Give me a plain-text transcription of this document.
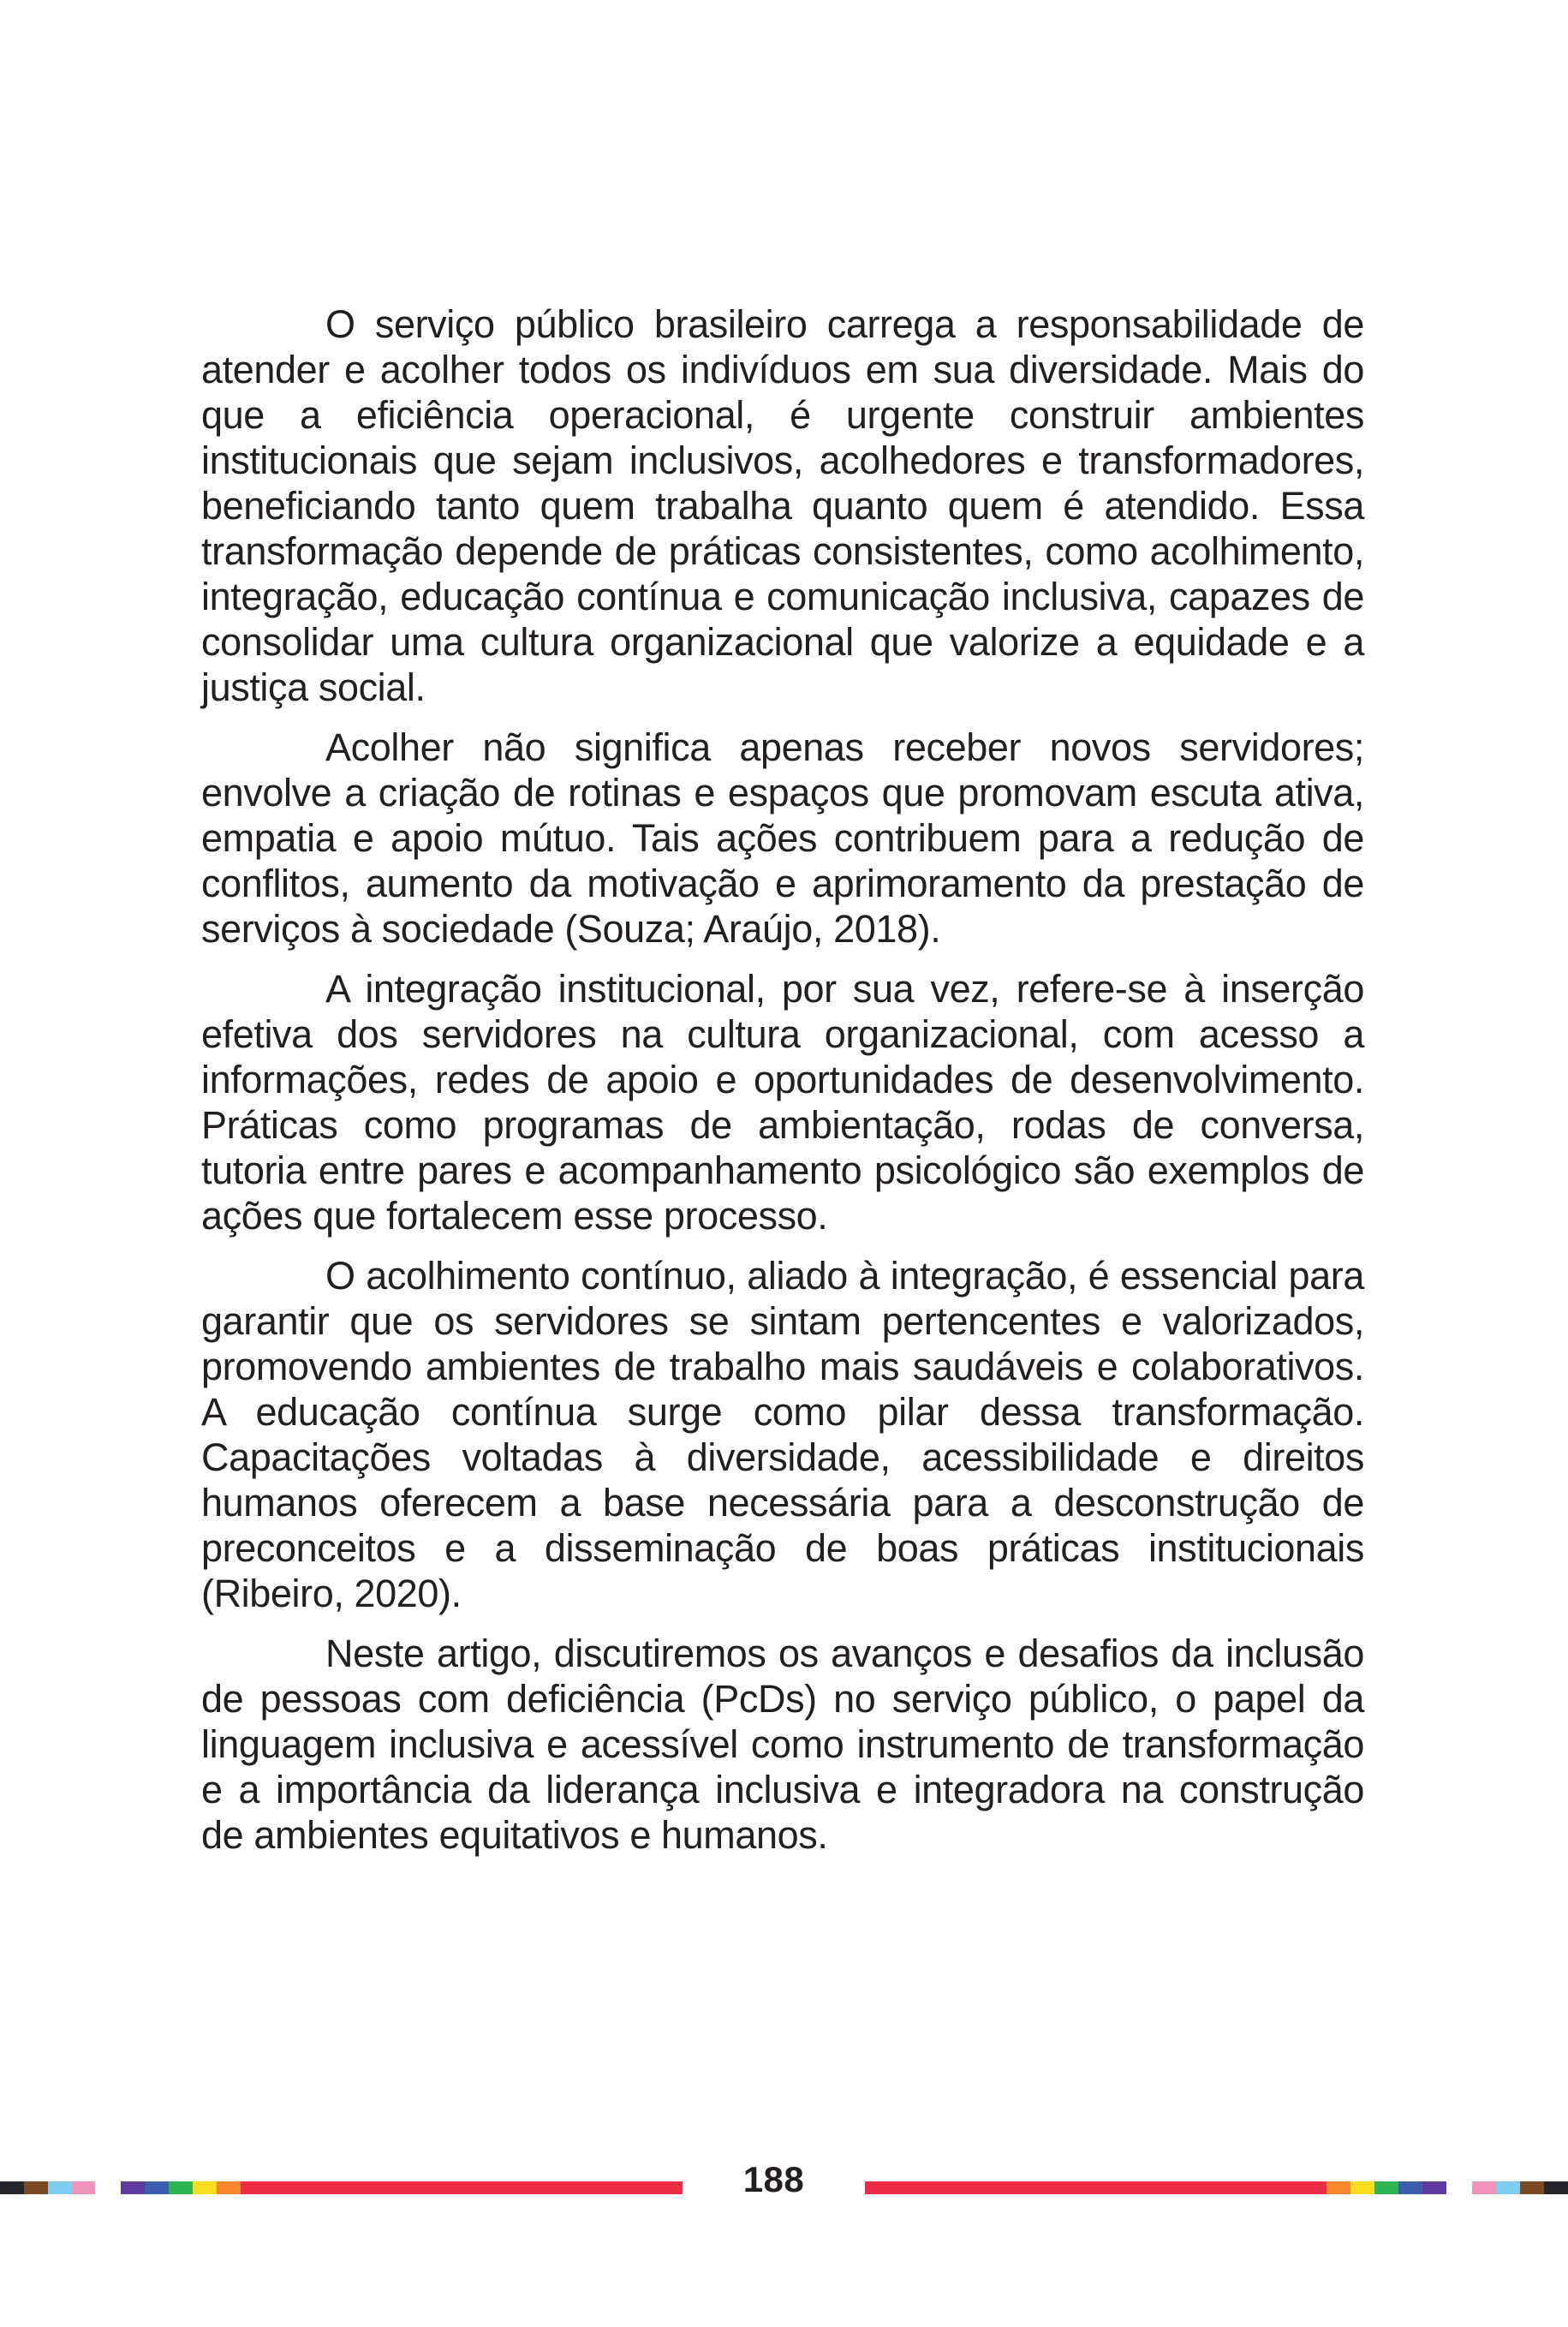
O serviço público brasileiro carrega a responsabilidade de atender e acolher todos os indivíduos em sua diversidade. Mais do que a eficiência operacional, é urgente construir ambientes institucionais que sejam inclusivos, acolhedores e transformadores, beneficiando tanto quem trabalha quanto quem é atendido. Essa transformação depende de práticas consistentes, como acolhimento, integração, educação contínua e comunicação inclusiva, capazes de consolidar uma cultura organizacional que valorize a equidade e a justiça social.

Acolher não significa apenas receber novos servidores; envolve a criação de rotinas e espaços que promovam escuta ativa, empatia e apoio mútuo. Tais ações contribuem para a redução de conflitos, aumento da motivação e aprimoramento da prestação de serviços à sociedade (Souza; Araújo, 2018).

A integração institucional, por sua vez, refere-se à inserção efetiva dos servidores na cultura organizacional, com acesso a informações, redes de apoio e oportunidades de desenvolvimento. Práticas como programas de ambientação, rodas de conversa, tutoria entre pares e acompanhamento psicológico são exemplos de ações que fortalecem esse processo.

O acolhimento contínuo, aliado à integração, é essencial para garantir que os servidores se sintam pertencentes e valorizados, promovendo ambientes de trabalho mais saudáveis e colaborativos. A educação contínua surge como pilar dessa transformação. Capacitações voltadas à diversidade, acessibilidade e direitos humanos oferecem a base necessária para a desconstrução de preconceitos e a disseminação de boas práticas institucionais (Ribeiro, 2020).

Neste artigo, discutiremos os avanços e desafios da inclusão de pessoas com deficiência (PcDs) no serviço público, o papel da linguagem inclusiva e acessível como instrumento de transformação e a importância da liderança inclusiva e integradora na construção de ambientes equitativos e humanos.

188
